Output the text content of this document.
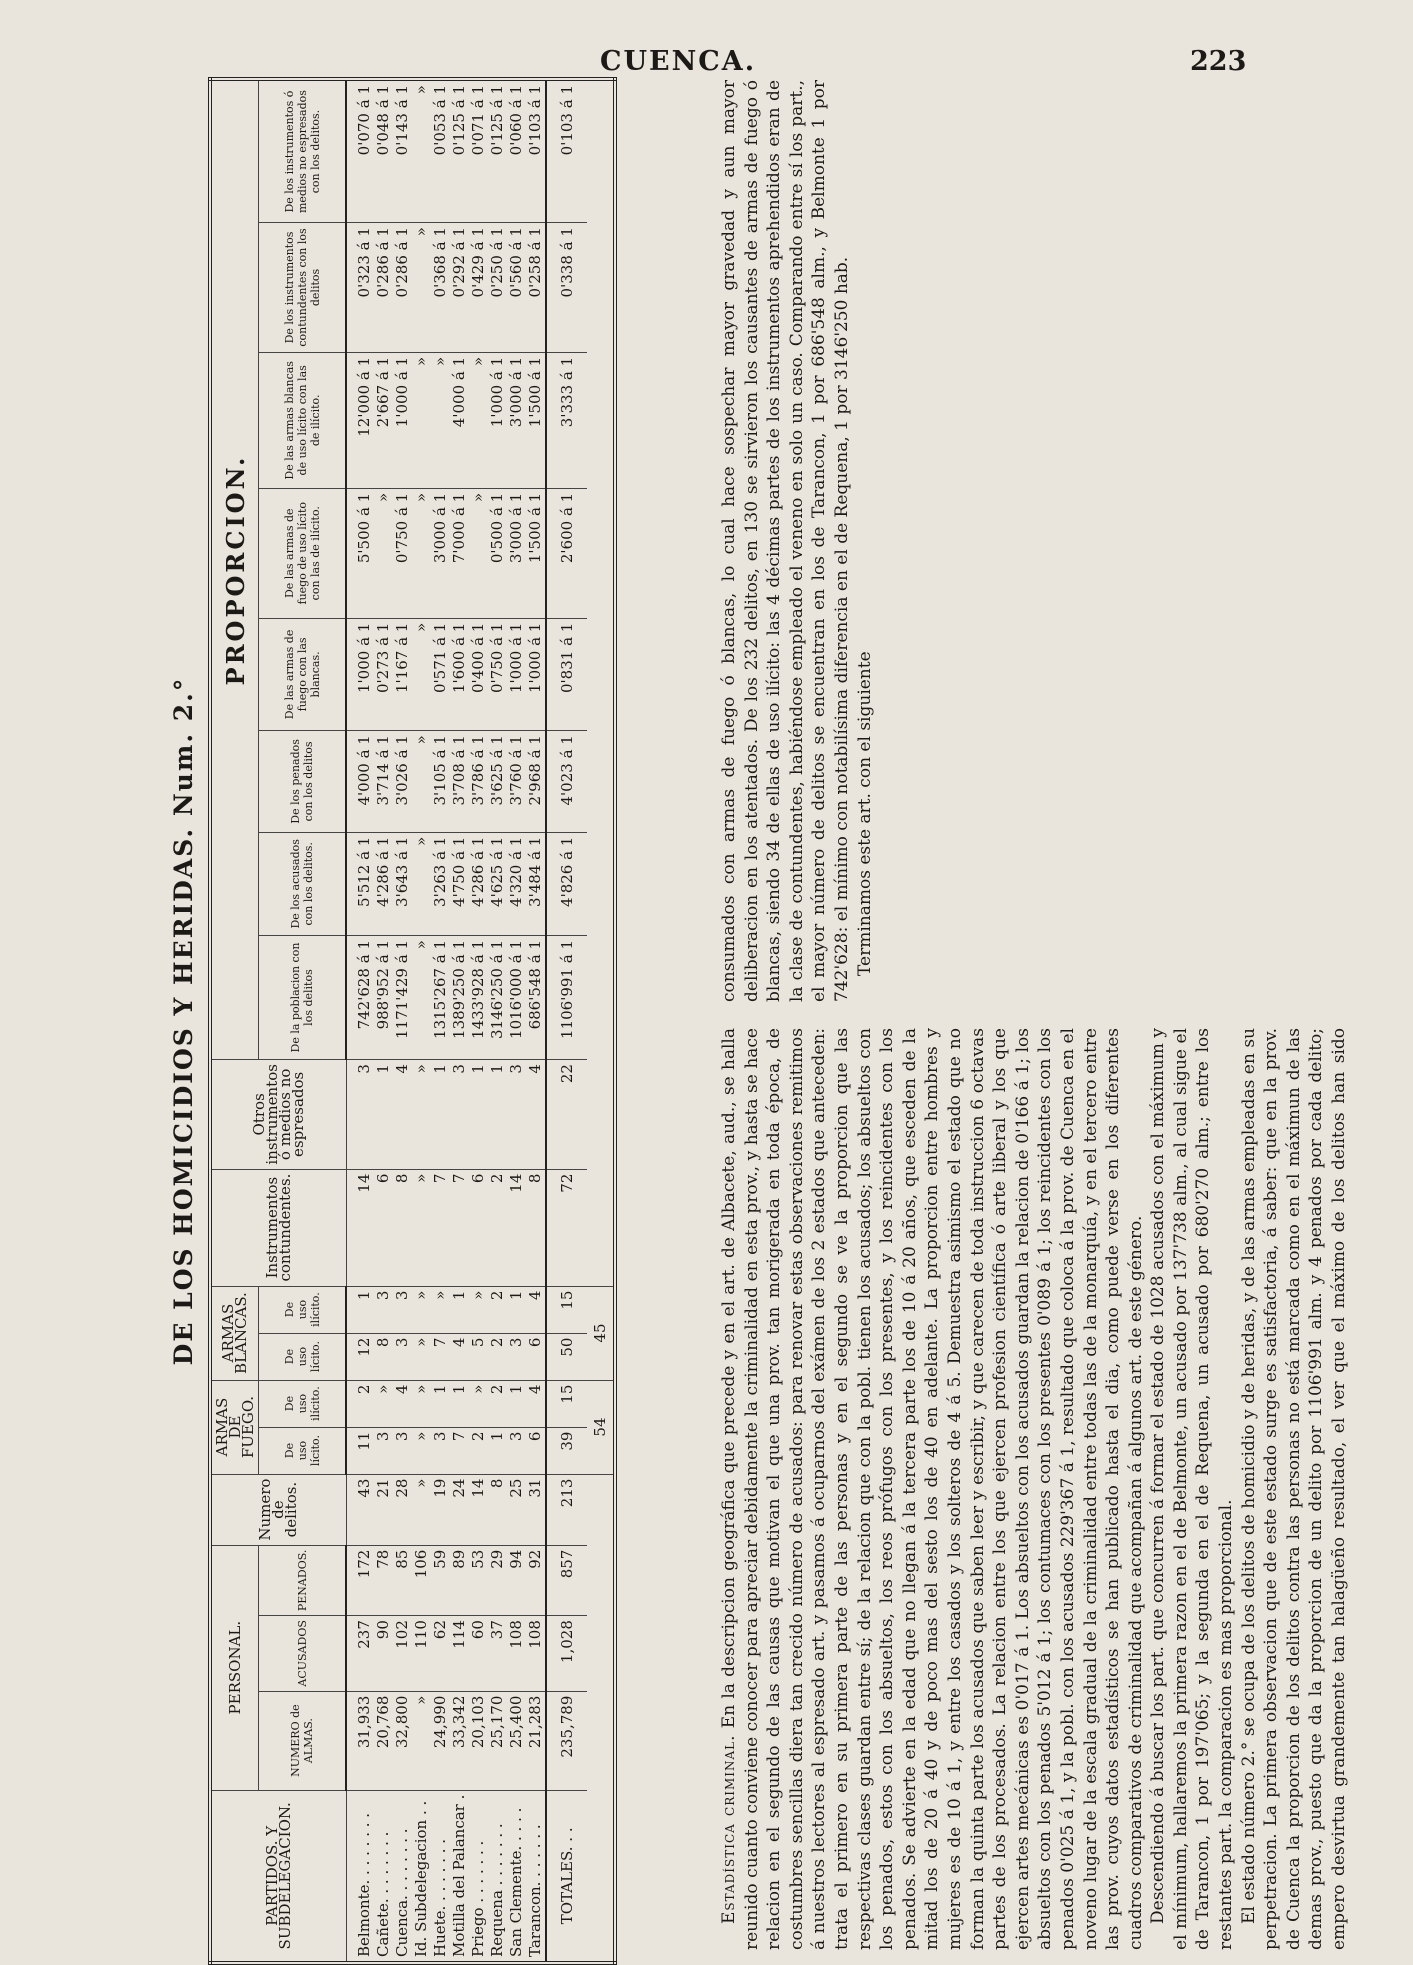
CUENCA.	223
DE LOS HOMICIDIOS Y HERIDAS. Num. 2.°
PARTIDOS. Y SUBDELEGACION.	PERSONAL.			Numero de delitos.	ARMAS DE FUEGO.		ARMAS BLANCAS.		Instrumentos contundentes.	Otros instrumentos ó medios no espresados	PROPORCION.							
	NUMERO de ALMAS.	ACUSADOS	PENADOS.		De uso lícito.	De uso ilícito.	De uso lícito.	De uso ilícito.			De la poblacion con los delitos	De los acusados con los delitos.	De los penados con los delitos	De las armas de fuego con las blancas.	De las armas de fuego de uso lícito con las de ilícito.	De las armas blancas de uso lícito con las de ilícito.	De los instrumentos contundentes con los delitos	De los instrumentos ó medios no espresados con los delitos.
Belmonte. . . . . . . .	31,933	237	172	43	11	2	12	1	14	3	742'628 á 1	5'512 á 1	4'000 á 1	1'000 á 1	5'500 á 1	12'000 á 1	0'323 á 1	0'070 á 1
Cañete. . . . . . . .	20,768	90	78	21	3	»	8	3	6	1	988'952 á 1	4'286 á 1	3'714 á 1	0'273 á 1	»	2'667 á 1	0'286 á 1	0'048 á 1
Cuenca. . . . . . . .	32,800	102	85	28	3	4	3	3	8	4	1171'429 á 1	3'643 á 1	3'026 á 1	1'167 á 1	0'750 á 1	1'000 á 1	0'286 á 1	0'143 á 1
Id. Subdelegacion . .	»	110	106	»	»	»	»	»	»	»	»	»	»	»	»	»	»	»
Huete. . . . . . . .	24,990	62	59	19	3	1	7	»	7	1	1315'267 á 1	3'263 á 1	3'105 á 1	0'571 á 1	3'000 á 1	»	0'368 á 1	0'053 á 1
Motilla del Palancar .	33,342	114	89	24	7	1	4	1	7	3	1389'250 á 1	4'750 á 1	3'708 á 1	1'600 á 1	7'000 á 1	4'000 á 1	0'292 á 1	0'125 á 1
Priego . . . . . . .	20,103	60	53	14	2	»	5	»	6	1	1433'928 á 1	4'286 á 1	3'786 á 1	0'400 á 1	»	»	0'429 á 1	0'071 á 1
Requena . . . . . . .	25,170	37	29	8	1	2	2	2	2	1	3146'250 á 1	4'625 á 1	3'625 á 1	0'750 á 1	0'500 á 1	1'000 á 1	0'250 á 1	0'125 á 1
San Clemente. . . . .	25,400	108	94	25	3	1	3	1	14	3	1016'000 á 1	4'320 á 1	3'760 á 1	1'000 á 1	3'000 á 1	3'000 á 1	0'560 á 1	0'060 á 1
Tarancon. . . . . . .	21,283	108	92	31	6	4	6	4	8	4	686'548 á 1	3'484 á 1	2'968 á 1	1'000 á 1	1'500 á 1	1'500 á 1	0'258 á 1	0'103 á 1
TOTALES. . .	235,789	1,028	857	213	39	15	50	15	72	22	1106'991 á 1	4'826 á 1	4'023 á 1	0'831 á 1	2'600 á 1	3'333 á 1	0'338 á 1	0'103 á 1
					54		45											

Estadística criminal. En la descripcion geográfica que precede y en el art. de Albacete, aud., se halla reunido cuanto conviene conocer para apreciar debidamente la criminalidad en esta prov., y hasta se hace relacion en el segundo de las causas que motivan el que una prov. tan morigerada en toda época, de costumbres sencillas diera tan crecido número de acusados: para renovar estas observaciones remitimos á nuestros lectores al espresado art. y pasamos á ocuparnos del exámen de los 2 estados que anteceden: trata el primero en su primera parte de las personas y en el segundo se ve la proporcion que las respectivas clases guardan entre sí; de la relacion que con la pobl. tienen los acusados; los absueltos con los penados, estos con los absueltos, los reos prófugos con los presentes, y los reincidentes con los penados. Se advierte en la edad que no llegan á la tercera parte los de 10 á 20 años, que esceden de la mitad los de 20 á 40 y de poco mas del sesto los de 40 en adelante. La proporcion entre hombres y mujeres es de 10 á 1, y entre los casados y los solteros de 4 á 5. Demuestra asimismo el estado que no forman la quinta parte los acusados que saben leer y escribir, y que carecen de toda instruccion 6 octavas partes de los procesados. La relacion entre los que ejercen profesion científica ó arte liberal y los que ejercen artes mecánicas es 0'017 á 1. Los absueltos con los acusados guardan la relacion de 0'166 á 1; los absueltos con los penados 5'012 á 1; los contumaces con los presentes 0'089 á 1; los reincidentes con los penados 0'025 á 1, y la pobl. con los acusados 229'367 á 1, resultado que coloca á la prov. de Cuenca en el noveno lugar de la escala gradual de la criminalidad entre todas las de la monarquía, y en el tercero entre las prov. cuyos datos estadísticos se han publicado hasta el dia, como puede verse en los diferentes cuadros comparativos de criminalidad que acompañan á algunos art. de este género. Descendiendo á buscar los part. que concurren á formar el estado de 1028 acusados con el máximum y el mínimum, hallaremos la primera razon en el de Belmonte, un acusado por 137'738 alm., al cual sigue el de Tarancon, 1 por 197'065; y la segunda en el de Requena, un acusado por 680'270 alm.; entre los restantes part. la comparacion es mas proporcional. El estado número 2.° se ocupa de los delitos de homicidio y de heridas, y de las armas empleadas en su perpetracion. La primera observacion que de este estado surge es satisfactoria, á saber: que en la prov. de Cuenca la proporcion de los delitos contra las personas no está marcada como en el máximun de las demas prov., puesto que da la proporcion de un delito por 1106'991 alm. y 4 penados por cada delito; empero desvirtua grandemente tan halagüeño resultado, el ver que el máximo de los delitos han sido consumados con armas de fuego ó blancas, lo cual hace sospechar mayor gravedad y aun mayor deliberacion en los atentados. De los 232 delitos, en 130 se sirvieron los causantes de armas de fuego ó blancas, siendo 34 de ellas de uso ilícito: las 4 décimas partes de los instrumentos aprehendidos eran de la clase de contundentes, habiéndose empleado el veneno en solo un caso. Comparando entre sí los part., el mayor número de delitos se encuentran en los de Tarancon, 1 por 686'548 alm., y Belmonte 1 por 742'628: el mínimo con notabilísima diferencia en el de Requena, 1 por 3146'250 hab. Terminamos este art. con el siguiente
